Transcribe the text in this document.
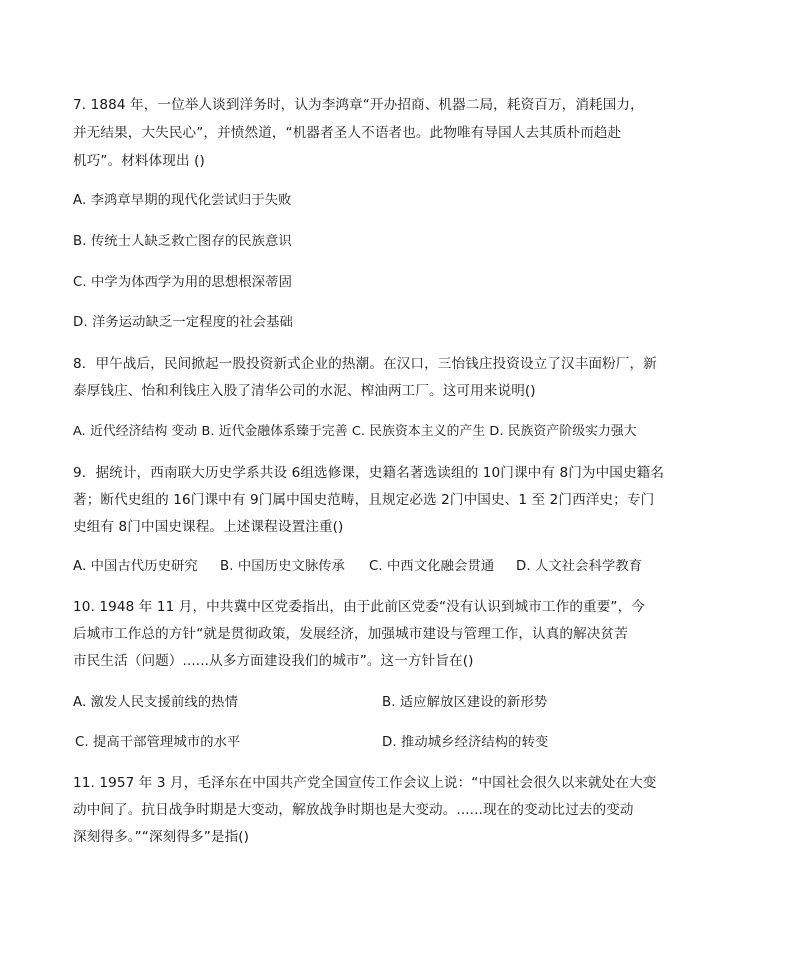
7. 1884 年，一位举人谈到洋务时，认为李鸿章“开办招商、机器二局，耗资百万，消耗国力，
并无结果，大失民心”，并愤然道，“机器者圣人不语者也。此物唯有导国人去其质朴而趋赴
机巧”。材料体现出 ()
A. 李鸿章早期的现代化尝试归于失败
B. 传统士人缺乏救亡图存的民族意识
C. 中学为体西学为用的思想根深蒂固
D. 洋务运动缺乏一定程度的社会基础
8．甲午战后，民间掀起一股投资新式企业的热潮。在汉口，三怡钱庄投资设立了汉丰面粉厂，新
泰厚钱庄、怡和利钱庄入股了清华公司的水泥、榨油两工厂。这可用来说明()
A. 近代经济结构 变动 B. 近代金融体系臻于完善 C. 民族资本主义的产生 D. 民族资产阶级实力强大
9．据统计，西南联大历史学系共设 6组选修课，史籍名著选读组的 10门课中有 8门为中国史籍名
著；断代史组的 16门课中有 9门属中国史范畴，且规定必选 2门中国史、1 至 2门西洋史；专门
史组有 8门中国史课程。上述课程设置注重()
A. 中国古代历史研究 B. 中国历史文脉传承 C. 中西文化融会贯通 D. 人文社会科学教育
10. 1948 年 11 月，中共冀中区党委指出，由于此前区党委“没有认识到城市工作的重要”，今
后城市工作总的方针“就是贯彻政策，发展经济，加强城市建设与管理工作，认真的解决贫苦
市民生活（问题）......从多方面建设我们的城市”。这一方针旨在()
A. 激发人民支援前线的热情	B. 适应解放区建设的新形势
C. 提高干部管理城市的水平	D. 推动城乡经济结构的转变
11. 1957 年 3 月，毛泽东在中国共产党全国宣传工作会议上说：“中国社会很久以来就处在大变
动中间了。抗日战争时期是大变动，解放战争时期也是大变动。......现在的变动比过去的变动
深刻得多。”“深刻得多”是指()
